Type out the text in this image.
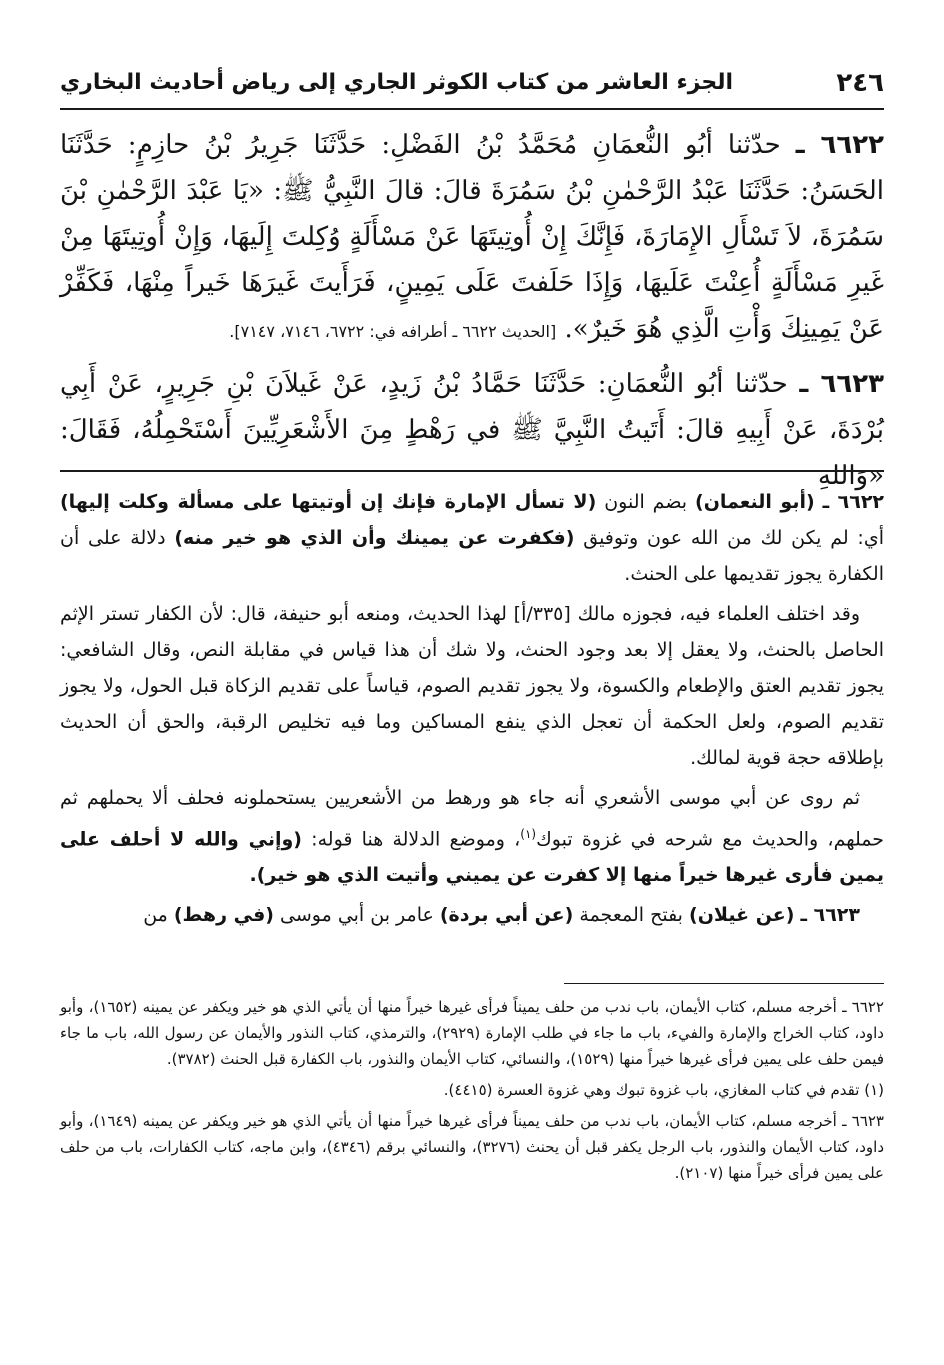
٢٤٦
الجزء العاشر من كتاب الكوثر الجاري إلى رياض أحاديث البخاري

٦٦٢٢ ـ حدّثنا أبُو النُّعمَانِ مُحَمَّدُ بْنُ الفَضْلِ: حَدَّثَنَا جَرِيرُ بْنُ حازِمٍ: حَدَّثَنَا الحَسَنُ: حَدَّثَنَا عَبْدُ الرَّحْمٰنِ بْنُ سَمُرَةَ قالَ: قالَ النَّبِيُّ ﷺ: «يَا عَبْدَ الرَّحْمٰنِ بْنَ سَمُرَةَ، لاَ تَسْأَلِ الإِمَارَةَ، فَإِنَّكَ إِنْ أُوتِيتَهَا عَنْ مَسْأَلَةٍ وُكِلتَ إِلَيهَا، وَإِنْ أُوتِيتَهَا مِنْ غَيرِ مَسْأَلَةٍ أُعِنْتَ عَلَيهَا، وَإِذَا حَلَفتَ عَلَى يَمِينٍ، فَرَأَيتَ غَيرَهَا خَيراً مِنْهَا، فَكَفِّرْ عَنْ يَمِينِكَ وَأْتِ الَّذِي هُوَ خَيرٌ». [الحديث ٦٦٢٢ ـ أطرافه في: ٦٧٢٢، ٧١٤٦، ٧١٤٧].

٦٦٢٣ ـ حدّثنا أبُو النُّعمَانِ: حَدَّثَنَا حَمَّادُ بْنُ زَيدٍ، عَنْ غَيلاَنَ بْنِ جَرِيرٍ، عَنْ أَبِي بُرْدَةَ، عَنْ أَبِيهِ قالَ: أَتَيتُ النَّبِيَّ ﷺ في رَهْطٍ مِنَ الأَشْعَرِيِّينَ أَسْتَحْمِلُهُ، فَقَالَ: «وَاللهِ

٦٦٢٢ ـ (أبو النعمان) بضم النون (لا تسأل الإمارة فإنك إن أوتيتها على مسألة وكلت إليها) أي: لم يكن لك من الله عون وتوفيق (فكفرت عن يمينك وأن الذي هو خير منه) دلالة على أن الكفارة يجوز تقديمها على الحنث.

وقد اختلف العلماء فيه، فجوزه مالك [٣٣٥/أ] لهذا الحديث، ومنعه أبو حنيفة، قال: لأن الكفار تستر الإثم الحاصل بالحنث، ولا يعقل إلا بعد وجود الحنث، ولا شك أن هذا قياس في مقابلة النص، وقال الشافعي: يجوز تقديم العتق والإطعام والكسوة، ولا يجوز تقديم الصوم، قياساً على تقديم الزكاة قبل الحول، ولا يجوز تقديم الصوم، ولعل الحكمة أن تعجل الذي ينفع المساكين وما فيه تخليص الرقبة، والحق أن الحديث بإطلاقه حجة قوية لمالك.

ثم روى عن أبي موسى الأشعري أنه جاء هو ورهط من الأشعريين يستحملونه فحلف ألا يحملهم ثم حملهم، والحديث مع شرحه في غزوة تبوك$^{(١)}$، وموضع الدلالة هنا قوله: (وإني والله لا أحلف على يمين فأرى غيرها خيراً منها إلا كفرت عن يميني وأتيت الذي هو خير).

٦٦٢٣ ـ (عن غيلان) بفتح المعجمة (عن أبي بردة) عامر بن أبي موسى (في رهط) من

٦٦٢٢ ـ أخرجه مسلم، كتاب الأيمان، باب ندب من حلف يميناً فرأى غيرها خيراً منها أن يأتي الذي هو خير ويكفر عن يمينه (١٦٥٢)، وأبو داود، كتاب الخراج والإمارة والفيء، باب ما جاء في طلب الإمارة (٢٩٢٩)، والترمذي، كتاب النذور والأيمان عن رسول الله، باب ما جاء فيمن حلف على يمين فرأى غيرها خيراً منها (١٥٢٩)، والنسائي، كتاب الأيمان والنذور، باب الكفارة قبل الحنث (٣٧٨٢).

(١) تقدم في كتاب المغازي، باب غزوة تبوك وهي غزوة العسرة (٤٤١٥).

٦٦٢٣ ـ أخرجه مسلم، كتاب الأيمان، باب ندب من حلف يميناً فرأى غيرها خيراً منها أن يأتي الذي هو خير ويكفر عن يمينه (١٦٤٩)، وأبو داود، كتاب الأيمان والنذور، باب الرجل يكفر قبل أن يحنث (٣٢٧٦)، والنسائي برقم (٤٣٤٦)، وابن ماجه، كتاب الكفارات، باب من حلف على يمين فرأى خيراً منها (٢١٠٧).
